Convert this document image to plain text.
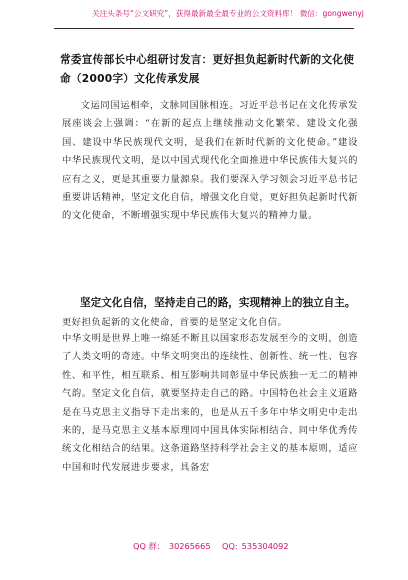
关注头条号“公文研究”，获得最新最全最专业的公文资料库！ 微信：gongwenyj
常委宣传部长中心组研讨发言：更好担负起新时代新的文化使命（2000字）文化传承发展
文运同国运相牵，文脉同国脉相连。习近平总书记在文化传承发展座谈会上强调：“在新的起点上继续推动文化繁荣、建设文化强国、建设中华民族现代文明，是我们在新时代新的文化使命。”建设中华民族现代文明，是以中国式现代化全面推进中华民族伟大复兴的应有之义，更是其重要力量源泉。我们要深入学习领会习近平总书记重要讲话精神，坚定文化自信，增强文化自觉，更好担负起新时代新的文化使命，不断增强实现中华民族伟大复兴的精神力量。
坚定文化自信，坚持走自己的路，实现精神上的独立自主。更好担负起新的文化使命，首要的是坚定文化自信。
中华文明是世界上唯一绵延不断且以国家形态发展至今的文明，创造了人类文明的奇迹。中华文明突出的连续性、创新性、统一性、包容性、和平性，相互联系、相互影响共同彰显中华民族独一无二的精神气韵。坚定文化自信，就要坚持走自己的路。中国特色社会主义道路是在马克思主义指导下走出来的，也是从五千多年中华文明史中走出来的，是马克思主义基本原理同中国具体实际相结合、同中华优秀传统文化相结合的结果。这条道路坚持科学社会主义的基本原则，适应中国和时代发展进步要求，具备宏
QQ 群： 30265665 QQ: 535304092
